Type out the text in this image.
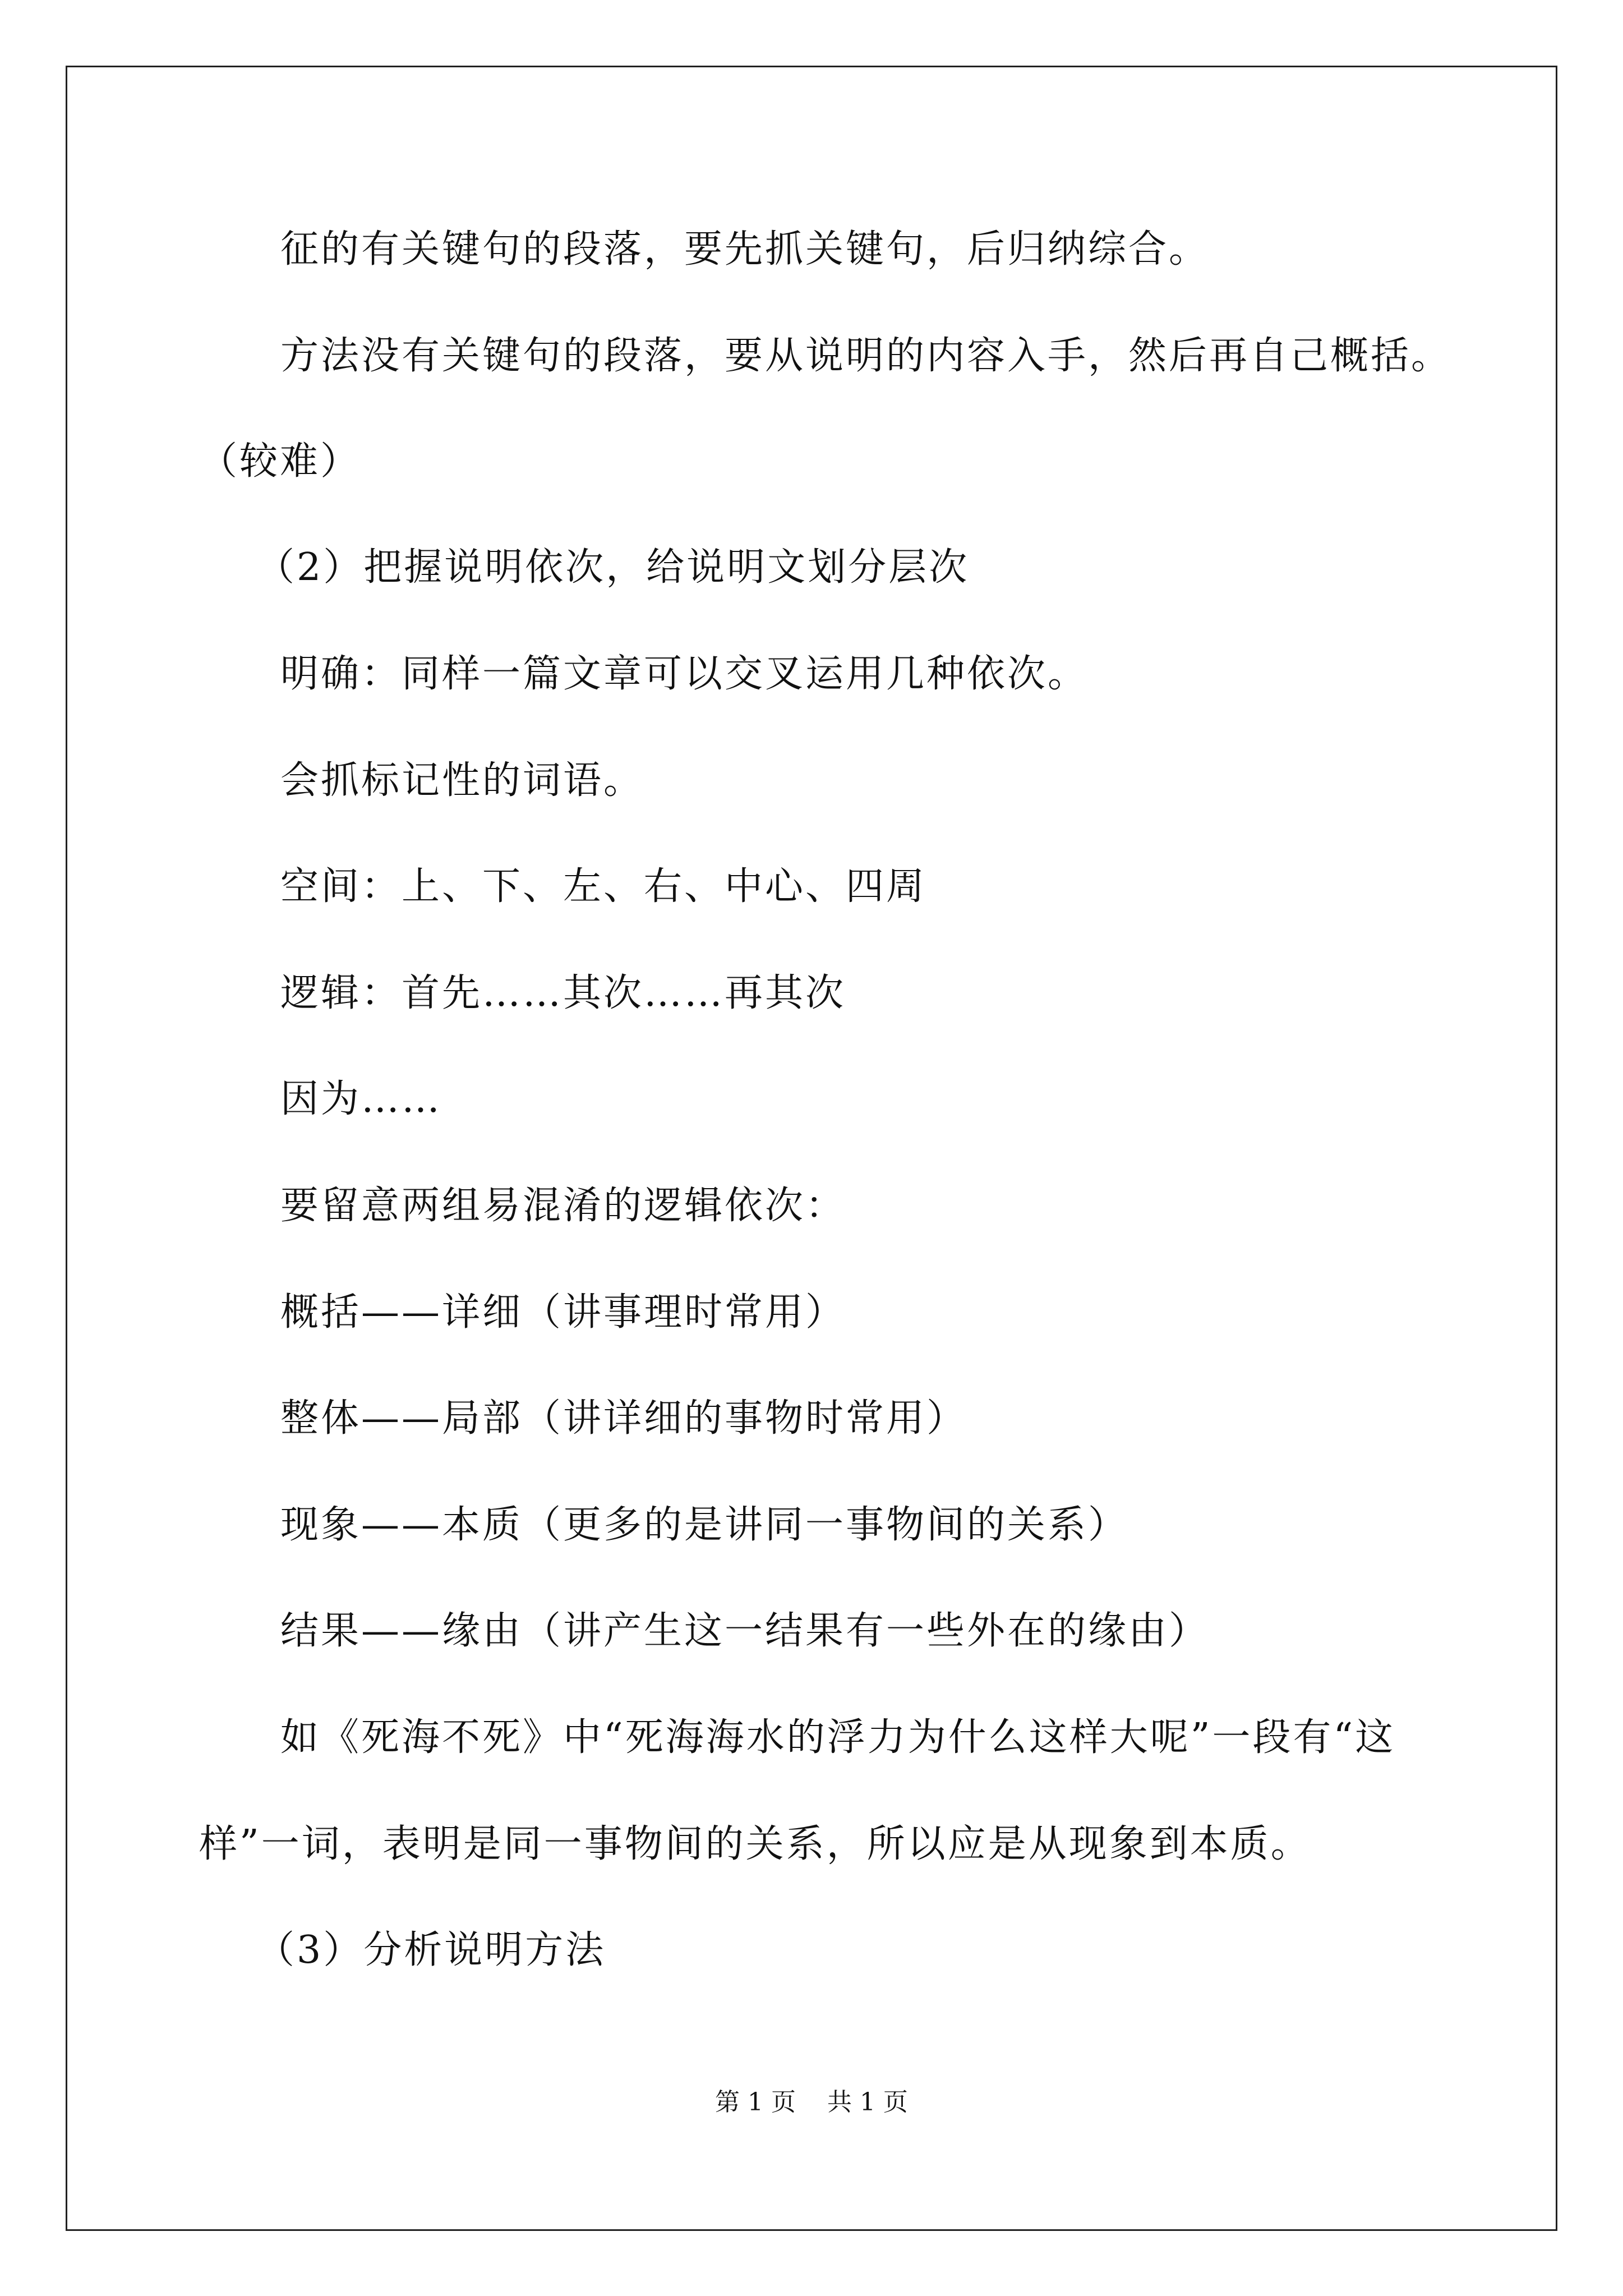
征的有关键句的段落，要先抓关键句，后归纳综合。
方法没有关键句的段落，要从说明的内容入手，然后再自己概括。
（较难）
（2）把握说明依次，给说明文划分层次
明确：同样一篇文章可以交叉运用几种依次。
会抓标记性的词语。
空间：上、下、左、右、中心、四周
逻辑：首先……其次……再其次
因为……
要留意两组易混淆的逻辑依次：
概括——详细（讲事理时常用）
整体——局部（讲详细的事物时常用）
现象——本质（更多的是讲同一事物间的关系）
结果——缘由（讲产生这一结果有一些外在的缘由）
如《死海不死》中“死海海水的浮力为什么这样大呢”一段有“这
样”一词，表明是同一事物间的关系，所以应是从现象到本质。
（3）分析说明方法
第 1 页    共 1 页
